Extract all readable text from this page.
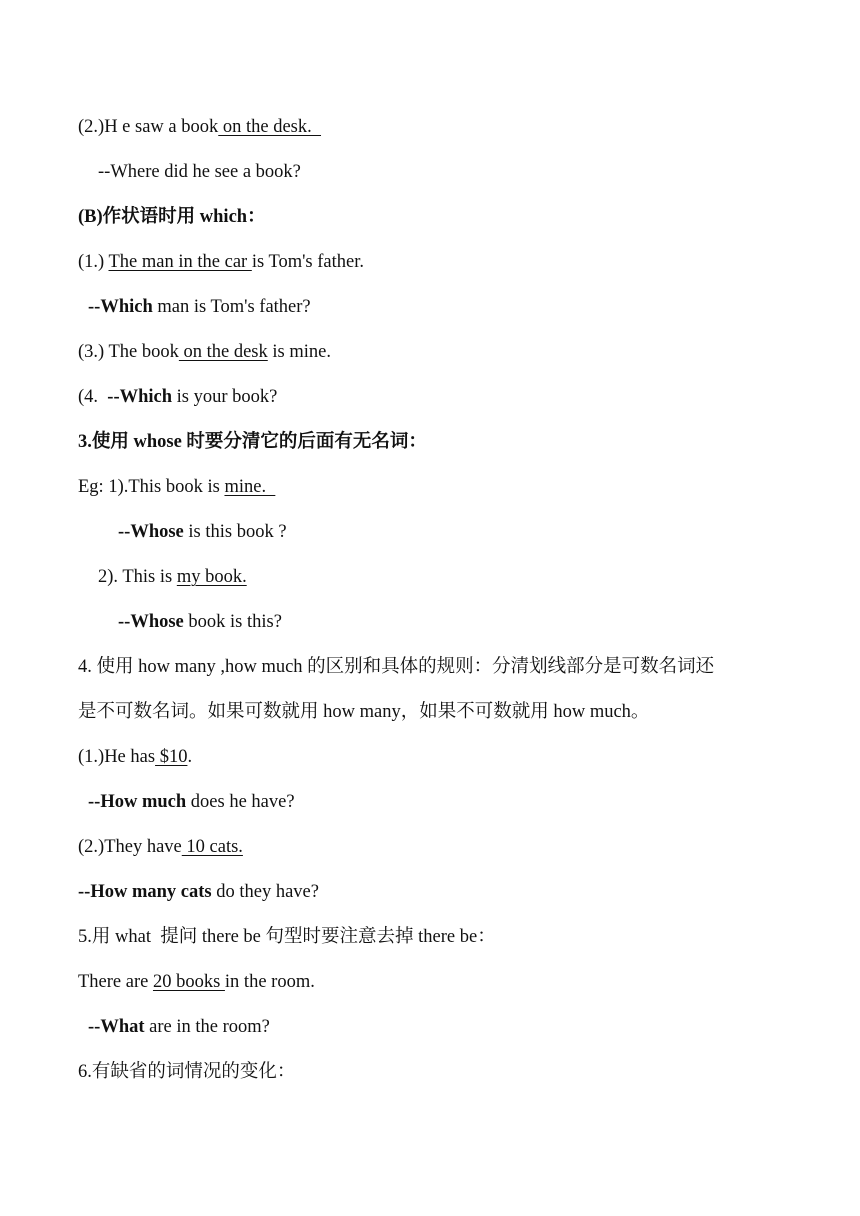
(2.)H e saw a book on the desk.
--Where did he see a book?
(B)作状语时用 which：
(1.) The man in the car is Tom's father.
--Which man is Tom's father?
(3.) The book on the desk is mine.
(4.  --Which is your book?
3.使用 whose 时要分清它的后面有无名词：
Eg: 1).This book is mine.
--Whose is this book ?
2). This is my book.
--Whose book is this?
4. 使用 how many ,how much 的区别和具体的规则：分清划线部分是可数名词还
是不可数名词。如果可数就用 how many，如果不可数就用 how much。
(1.)He has $10.
--How much does he have?
(2.)They have 10 cats.
--How many cats do they have?
5.用 what  提问 there be 句型时要注意去掉 there be：
There are 20 books in the room.
--What are in the room?
6.有缺省的词情况的变化：
